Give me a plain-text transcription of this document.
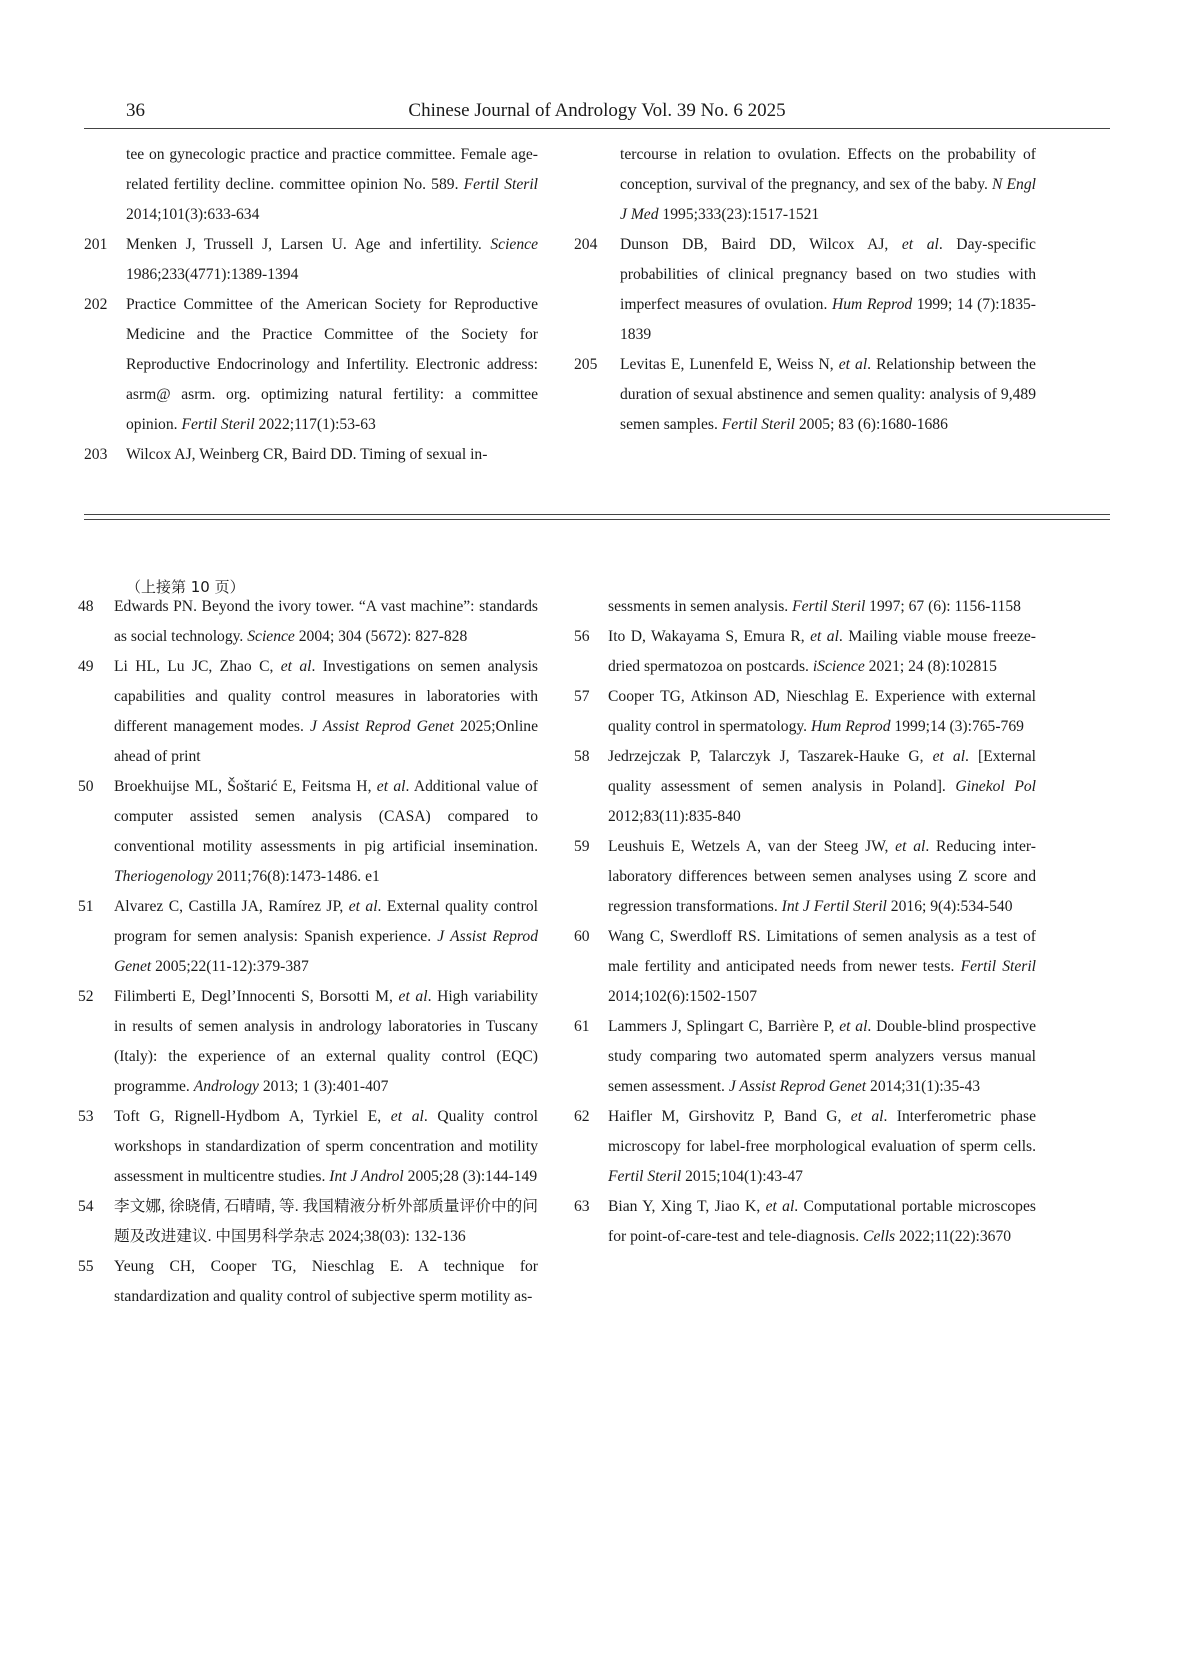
36	Chinese Journal of Andrology Vol. 39 No. 6 2025
tee on gynecologic practice and practice committee. Female age-related fertility decline. committee opinion No. 589. Fertil Steril 2014;101(3):633-634
201 Menken J, Trussell J, Larsen U. Age and infertility. Science 1986;233(4771):1389-1394
202 Practice Committee of the American Society for Reproductive Medicine and the Practice Committee of the Society for Reproductive Endocrinology and Infertility. Electronic address: asrm@ asrm. org. optimizing natural fertility: a committee opinion. Fertil Steril 2022;117(1):53-63
203 Wilcox AJ, Weinberg CR, Baird DD. Timing of sexual in-
tercourse in relation to ovulation. Effects on the probability of conception, survival of the pregnancy, and sex of the baby. N Engl J Med 1995;333(23):1517-1521
204 Dunson DB, Baird DD, Wilcox AJ, et al. Day-specific probabilities of clinical pregnancy based on two studies with imperfect measures of ovulation. Hum Reprod 1999; 14 (7):1835-1839
205 Levitas E, Lunenfeld E, Weiss N, et al. Relationship between the duration of sexual abstinence and semen quality: analysis of 9,489 semen samples. Fertil Steril 2005; 83 (6):1680-1686
（上接第 10 页）
48 Edwards PN. Beyond the ivory tower. “A vast machine”: standards as social technology. Science 2004; 304 (5672): 827-828
49 Li HL, Lu JC, Zhao C, et al. Investigations on semen analysis capabilities and quality control measures in laboratories with different management modes. J Assist Reprod Genet 2025;Online ahead of print
50 Broekhuijse ML, Šoštarić E, Feitsma H, et al. Additional value of computer assisted semen analysis (CASA) compared to conventional motility assessments in pig artificial insemination. Theriogenology 2011;76(8):1473-1486. e1
51 Alvarez C, Castilla JA, Ramírez JP, et al. External quality control program for semen analysis: Spanish experience. J Assist Reprod Genet 2005;22(11-12):379-387
52 Filimberti E, Degl’Innocenti S, Borsotti M, et al. High variability in results of semen analysis in andrology laboratories in Tuscany (Italy): the experience of an external quality control (EQC) programme. Andrology 2013; 1 (3):401-407
53 Toft G, Rignell-Hydbom A, Tyrkiel E, et al. Quality control workshops in standardization of sperm concentration and motility assessment in multicentre studies. Int J Androl 2005;28 (3):144-149
54 李文娜, 徐晓倩, 石晴晴, 等. 我国精液分析外部质量评价中的问题及改进建议. 中国男科学杂志 2024;38(03): 132-136
55 Yeung CH, Cooper TG, Nieschlag E. A technique for standardization and quality control of subjective sperm motility as-
sessments in semen analysis. Fertil Steril 1997; 67 (6): 1156-1158
56 Ito D, Wakayama S, Emura R, et al. Mailing viable mouse freeze-dried spermatozoa on postcards. iScience 2021; 24 (8):102815
57 Cooper TG, Atkinson AD, Nieschlag E. Experience with external quality control in spermatology. Hum Reprod 1999;14 (3):765-769
58 Jedrzejczak P, Talarczyk J, Taszarek-Hauke G, et al. [External quality assessment of semen analysis in Poland]. Ginekol Pol 2012;83(11):835-840
59 Leushuis E, Wetzels A, van der Steeg JW, et al. Reducing inter-laboratory differences between semen analyses using Z score and regression transformations. Int J Fertil Steril 2016; 9(4):534-540
60 Wang C, Swerdloff RS. Limitations of semen analysis as a test of male fertility and anticipated needs from newer tests. Fertil Steril 2014;102(6):1502-1507
61 Lammers J, Splingart C, Barrière P, et al. Double-blind prospective study comparing two automated sperm analyzers versus manual semen assessment. J Assist Reprod Genet 2014;31(1):35-43
62 Haifler M, Girshovitz P, Band G, et al. Interferometric phase microscopy for label-free morphological evaluation of sperm cells. Fertil Steril 2015;104(1):43-47
63 Bian Y, Xing T, Jiao K, et al. Computational portable microscopes for point-of-care-test and tele-diagnosis. Cells 2022;11(22):3670
